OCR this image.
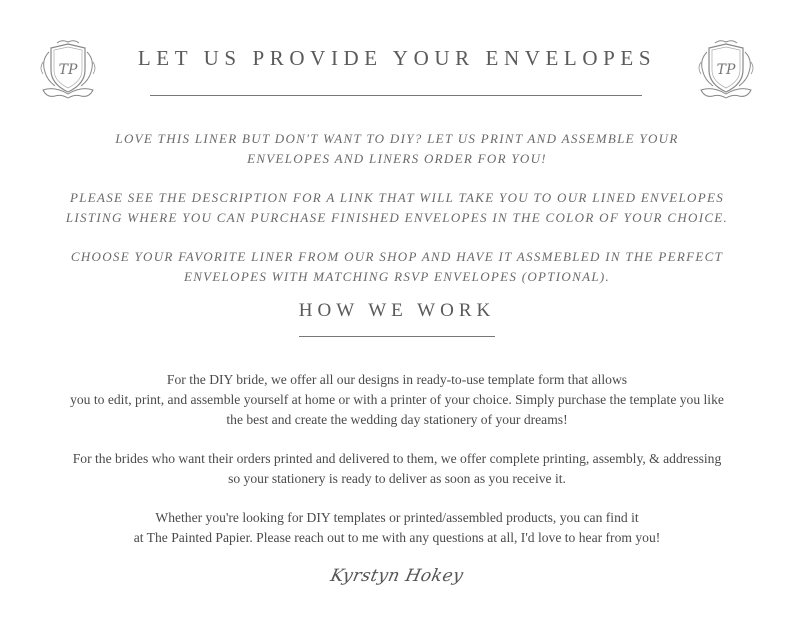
TP	TP
LET US PROVIDE YOUR ENVELOPES

LOVE THIS LINER BUT DON'T WANT TO DIY? LET US PRINT AND ASSEMBLE YOUR
ENVELOPES AND LINERS ORDER FOR YOU!

PLEASE SEE THE DESCRIPTION FOR A LINK THAT WILL TAKE YOU TO OUR LINED ENVELOPES
LISTING WHERE YOU CAN PURCHASE FINISHED ENVELOPES IN THE COLOR OF YOUR CHOICE.

CHOOSE YOUR FAVORITE LINER FROM OUR SHOP AND HAVE IT ASSMEBLED IN THE PERFECT
ENVELOPES WITH MATCHING RSVP ENVELOPES (OPTIONAL).

HOW WE WORK

For the DIY bride, we offer all our designs in ready-to-use template form that allows
you to edit, print, and assemble yourself at home or with a printer of your choice. Simply purchase the template you like
the best and create the wedding day stationery of your dreams!

For the brides who want their orders printed and delivered to them, we offer complete printing, assembly, & addressing
so your stationery is ready to deliver as soon as you receive it.

Whether you're looking for DIY templates or printed/assembled products, you can find it
at The Painted Papier. Please reach out to me with any questions at all, I'd love to hear from you!

Kyrstyn Hokey
